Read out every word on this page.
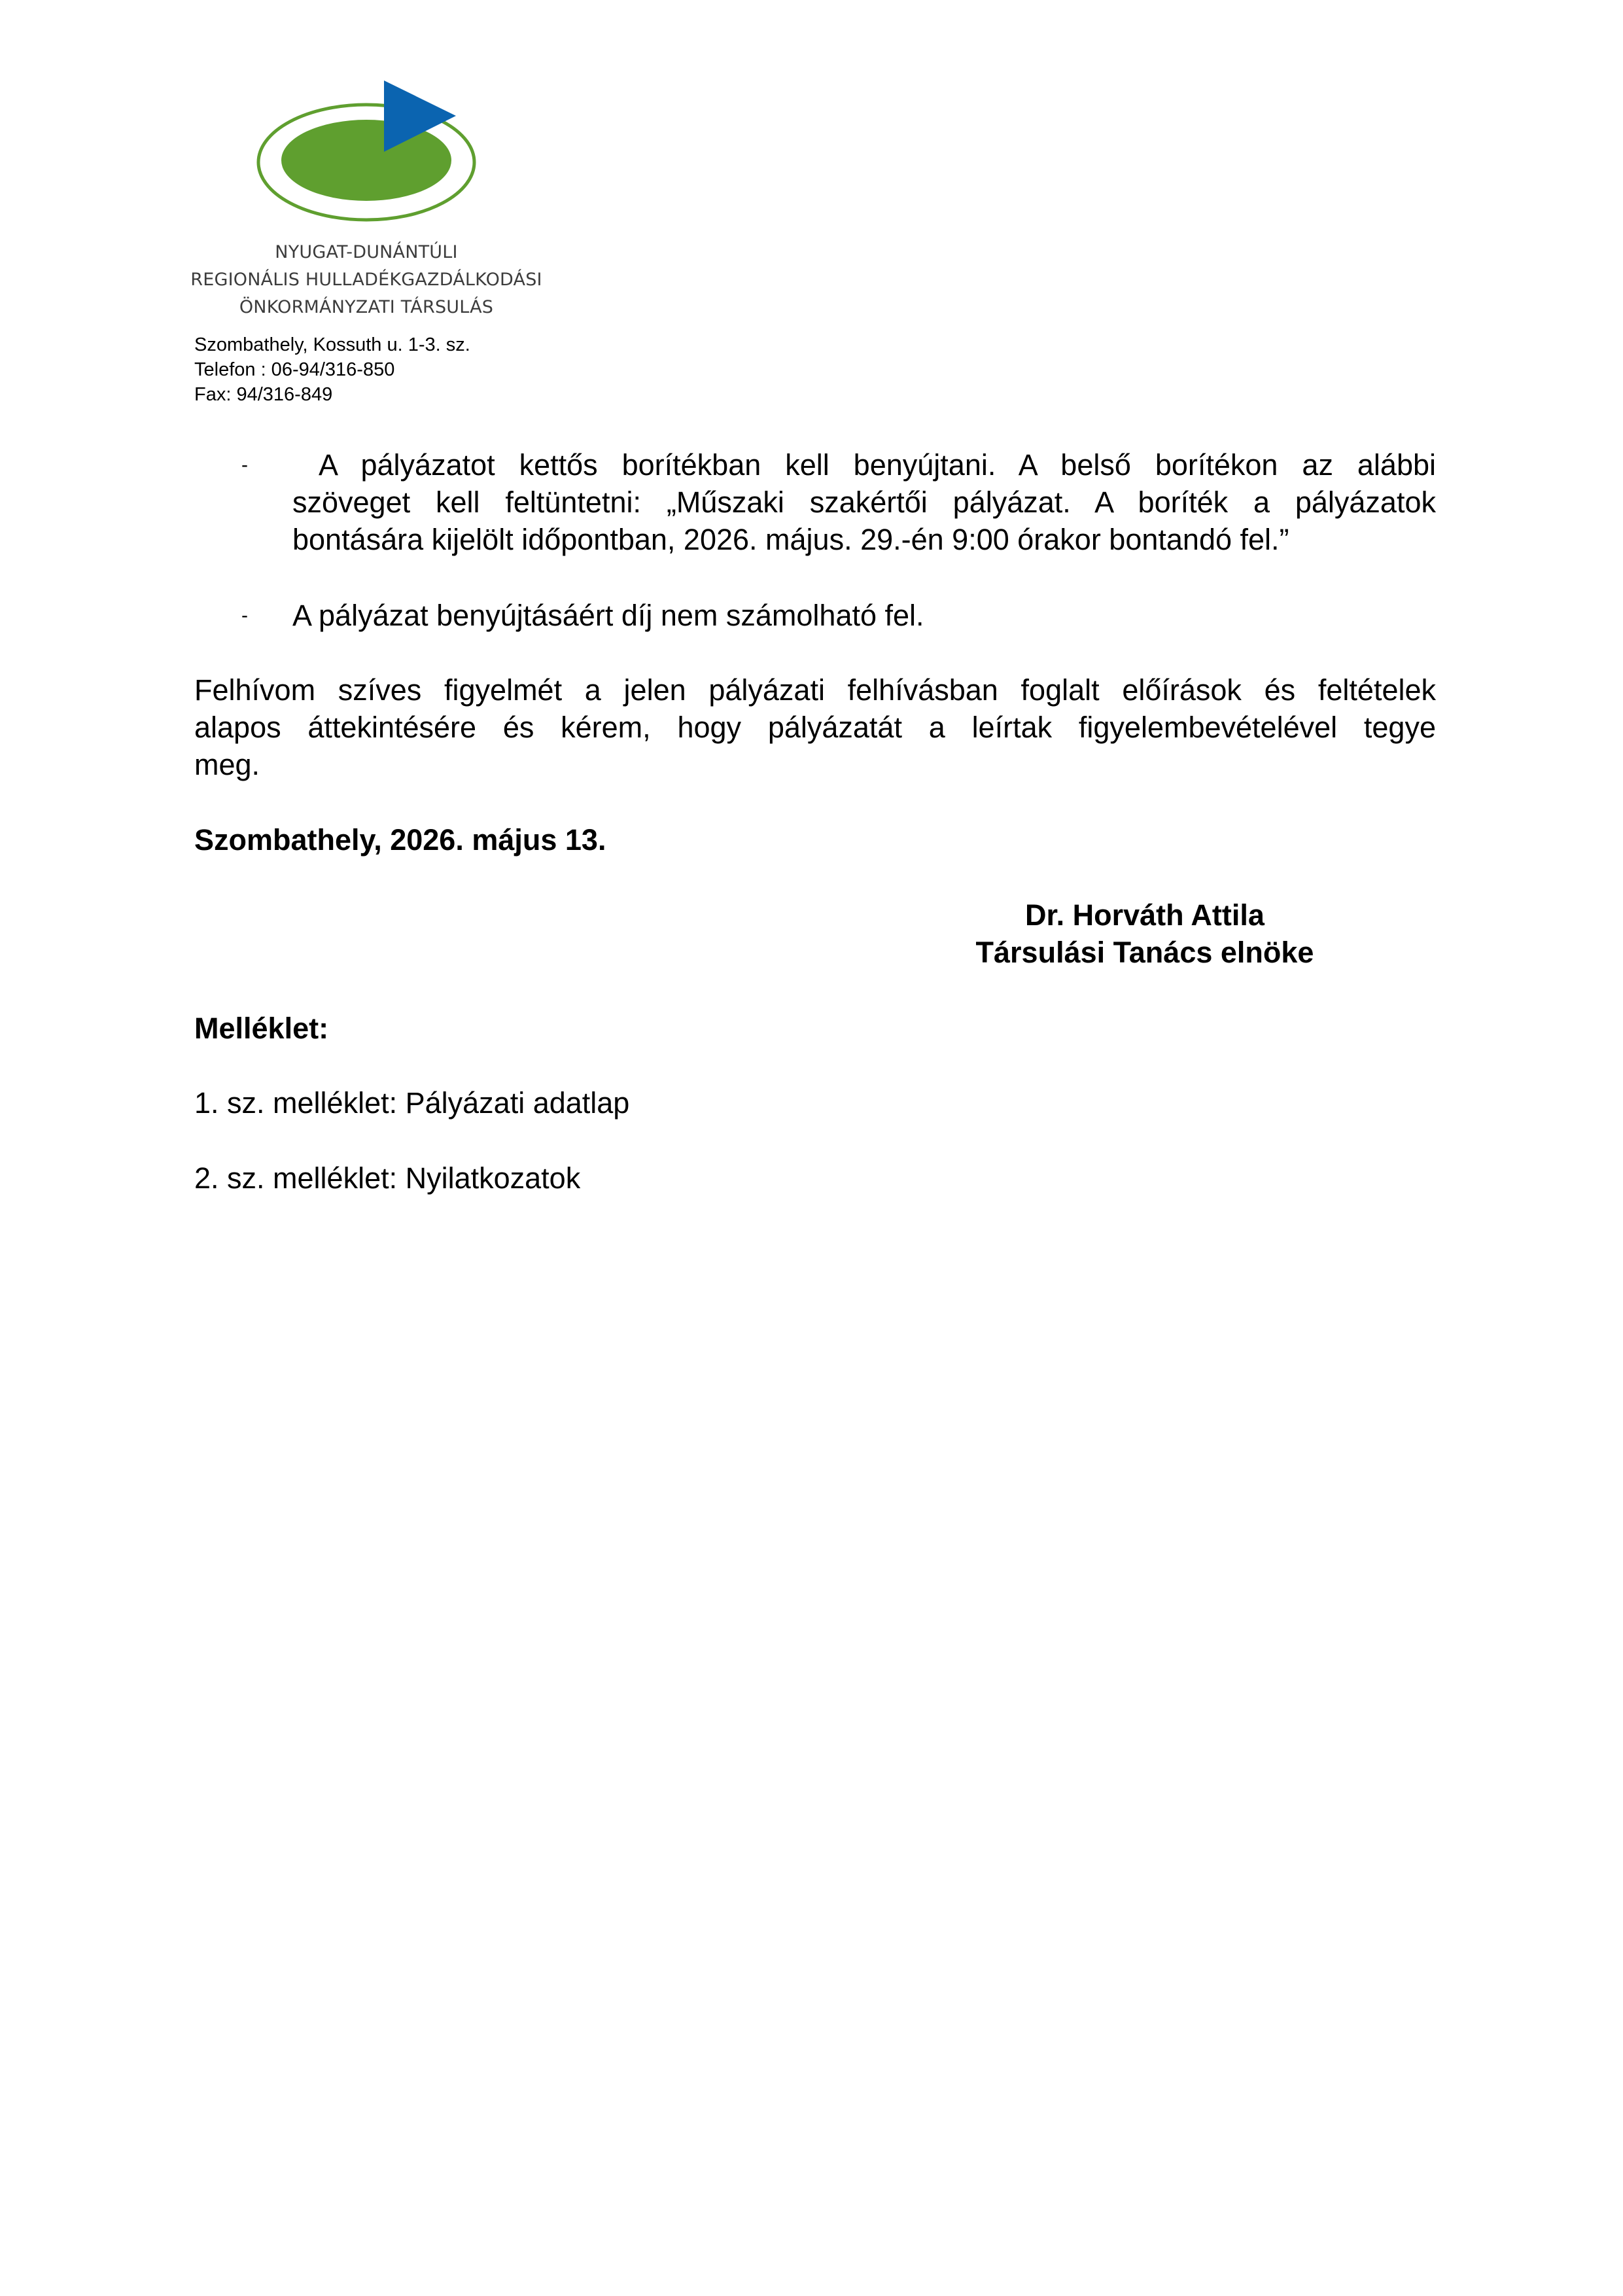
NYUGAT-DUNÁNTÚLI
REGIONÁLIS HULLADÉKGAZDÁLKODÁSI
ÖNKORMÁNYZATI TÁRSULÁS
Szombathely, Kossuth u. 1-3. sz.
Telefon : 06-94/316-850
Fax: 94/316-849
-	A pályázatot kettős borítékban kell benyújtani. A belső borítékon az alábbi
szöveget kell feltüntetni: „Műszaki szakértői pályázat. A boríték a pályázatok
bontására kijelölt időpontban, 2026. május. 29.-én 9:00 órakor bontandó fel.”
- A pályázat benyújtásáért díj nem számolható fel.
Felhívom szíves figyelmét a jelen pályázati felhívásban foglalt előírások és feltételek
alapos áttekintésére és kérem, hogy pályázatát a leírtak figyelembevételével tegye
meg.
Szombathely, 2026. május 13.
Dr. Horváth Attila
Társulási Tanács elnöke
Melléklet:
1. sz. melléklet: Pályázati adatlap
2. sz. melléklet: Nyilatkozatok
